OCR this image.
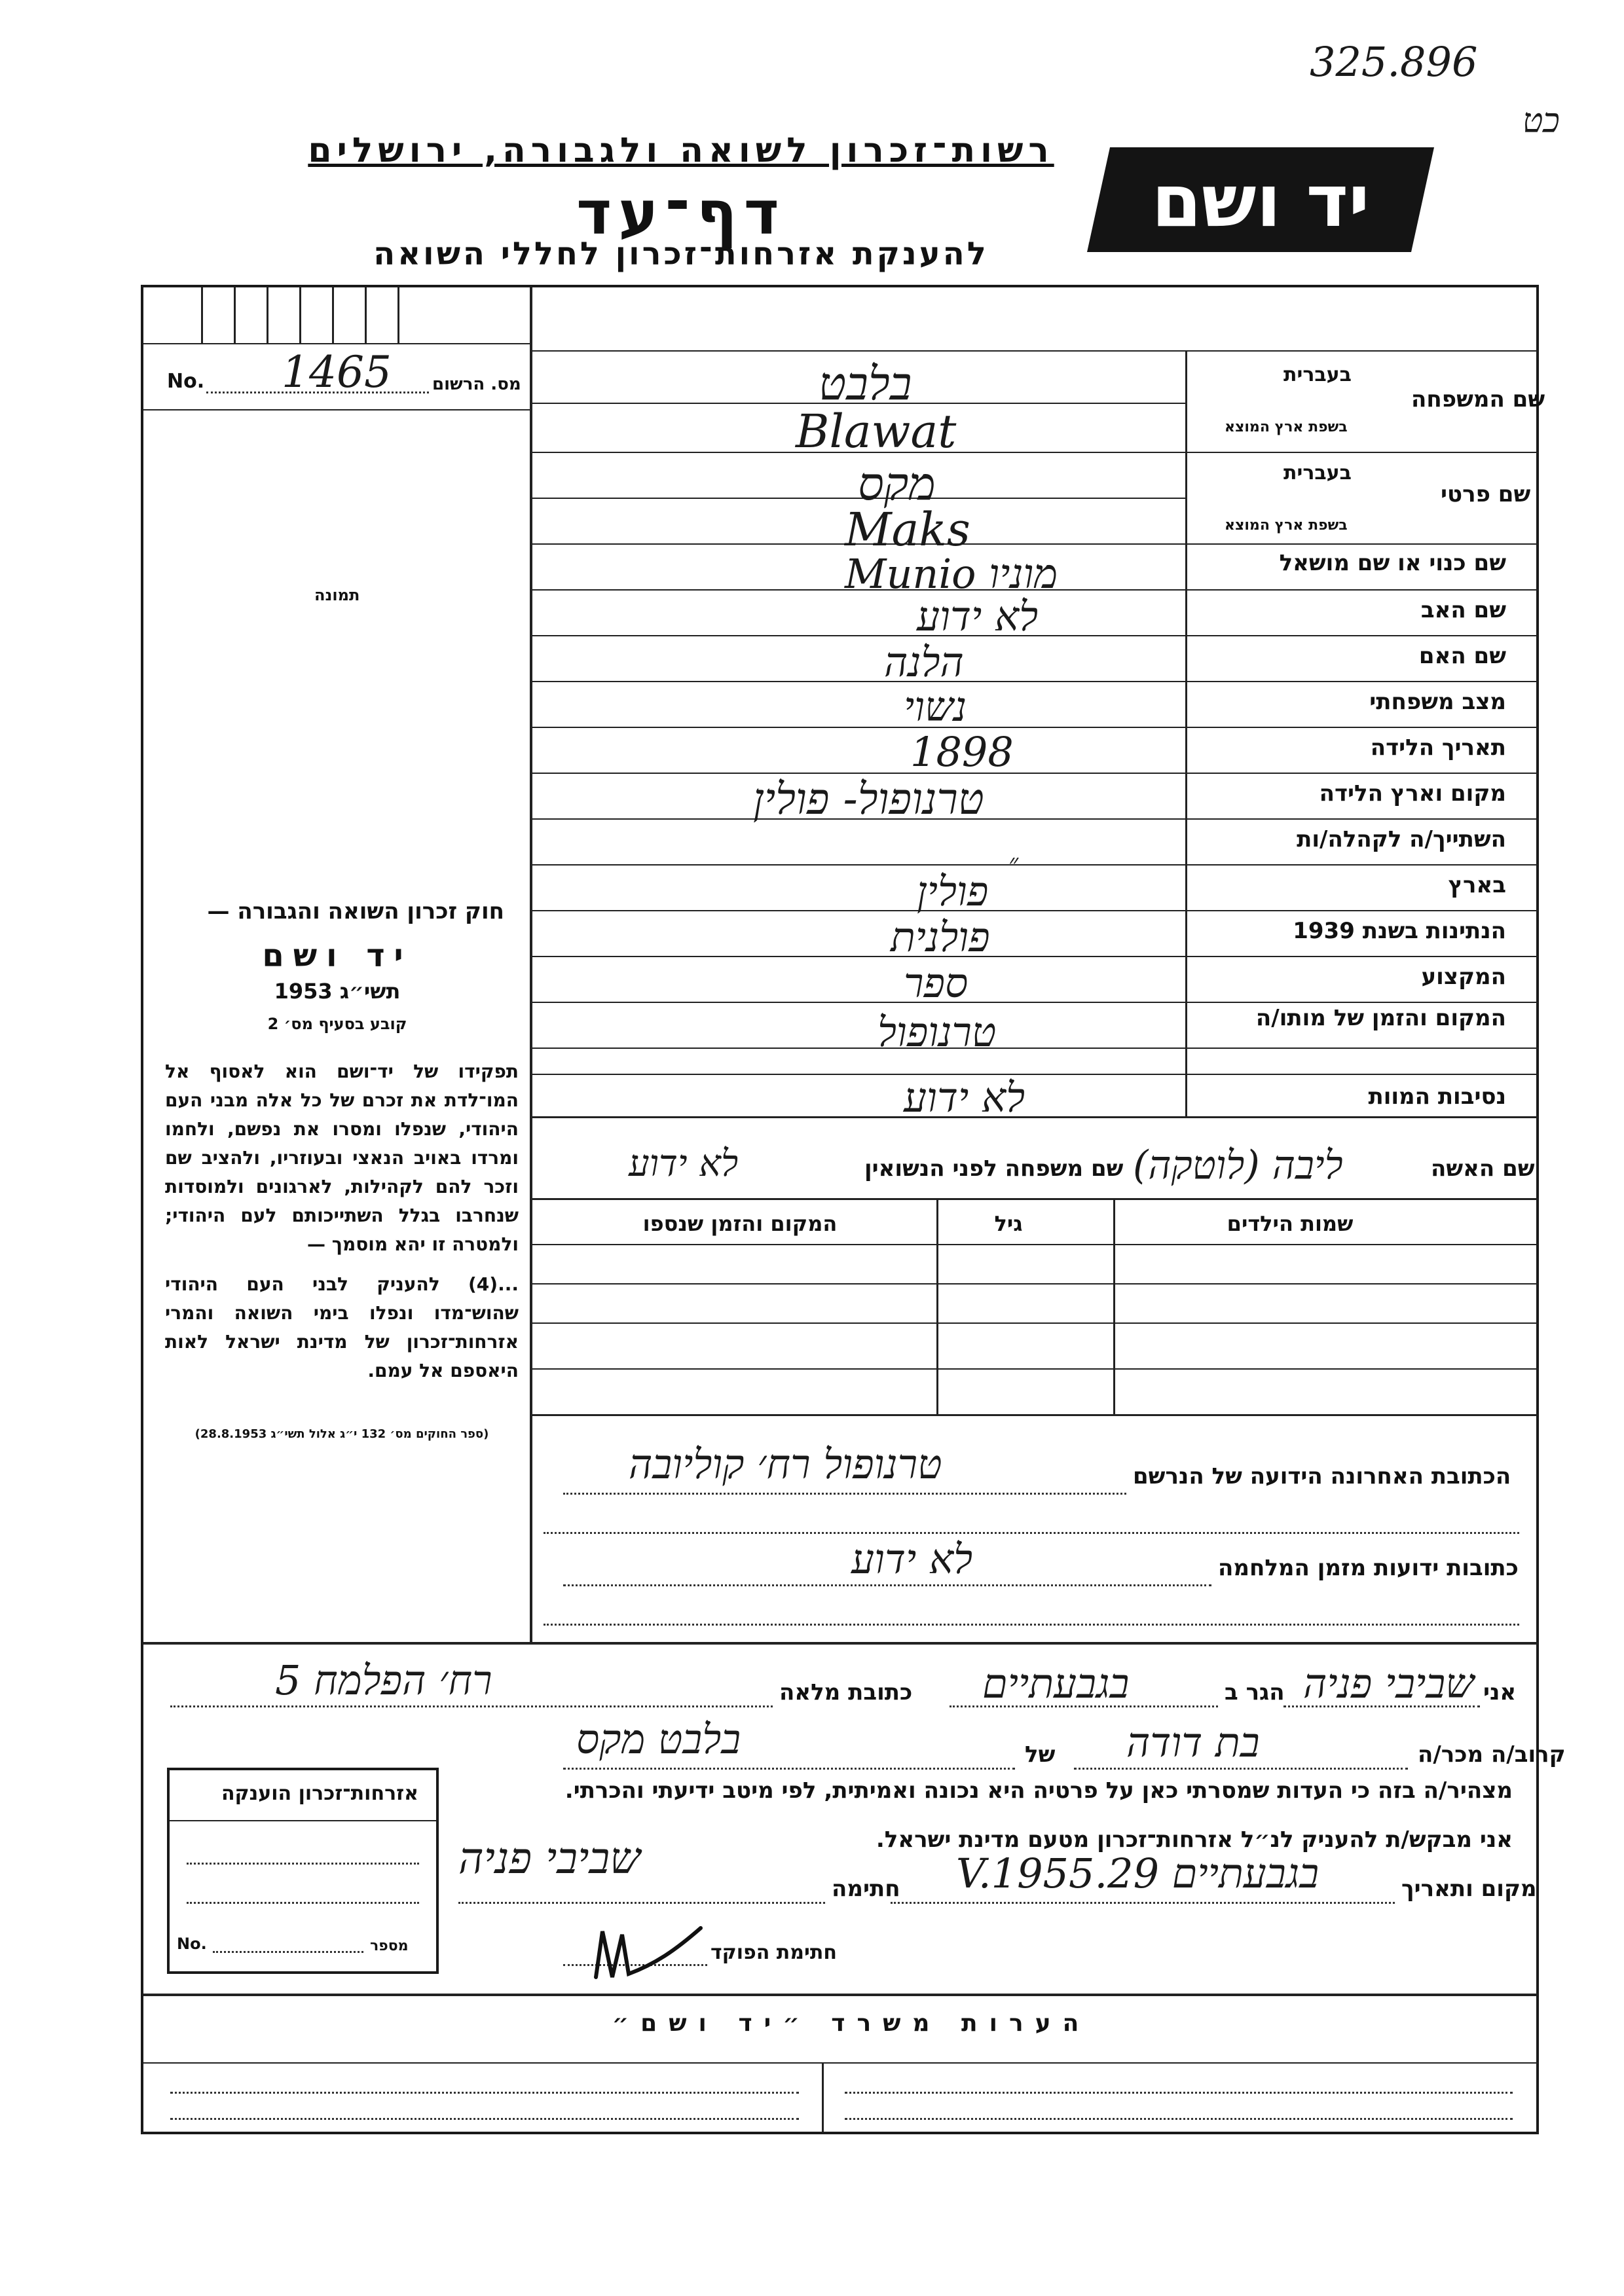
325.896
כט
רשות־זכרון לשואה ולגבורה, ירושלים
דף־עד
להענקת אזרחות־זכרון לחללי השואה
יד ושם
No. 1465 מס. הרשום
תמונה
חוק זכרון השואה והגבורה —
יד ושם
תשי״ג 1953
קובע בסעיף מס׳ 2
תפקידו של יד־ושם הוא לאסוף אל המו־לדת את זכרם של כל אלה מבני העם היהודי, שנפלו ומסרו את נפשם, ולחמו ומרדו באויב הנאצי ובעוזריו, ולהציב שם וזכר להם לקהילות, לארגונים ולמוסדות שנחרבו בגלל השתייכותם לעם היהודי; ולמטרה זו יהא מוסמך —
...(4) להעניק לבני העם היהודי שהוש־מדו ונפלו בימי השואה והמרי אזרחות־זכרון של מדינת ישראל לאות היאספם אל עמם.
(ספר החוקים מס׳ 132 י״ג אלול תשי״ג 28.8.1953)
שם המשפחה
בעברית
בשפת ארץ המוצא
בלבט
Blawat
שם פרטי
בעברית
בשפת ארץ המוצא
מקס
Maks
שם כנוי או שם מושאל
Munio מוניו
שם האב
לא ידוע
שם האם
הלנה
מצב משפחתי
נשוי
תאריך הלידה
1898
מקום וארץ הלידה
טרנופול- פולין
השתייך/ה לקהלה/ות
״
בארץ
פולין
הנתינות בשנת 1939
פולנית
המקצוע
ספר
המקום והזמן של מותו/ה
טרנופול
נסיבות המוות
לא ידוע
שם האשה
ליבה (לוטקה)
שם משפחה לפני הנשואין
לא ידוע
שמות הילדים
גיל
המקום והזמן שנספו
הכתובת האחרונה הידועה של הנרשם
טרנופול רח׳ קוליובה
כתובות ידועות מזמן המלחמה
לא ידוע
אני
שביבי פניה
הגר ב
בגבעתיים
כתובת מלאה
רח׳ הפלמח 5
קרוב/ה מכר/ה
בת דודה
של
בלבט מקס
מצהיר/ה בזה כי העדות שמסרתי כאן על פרטיה היא נכונה ואמיתית, לפי מיטב ידיעתי והכרתי.
אני מבקש/ת להעניק לנ״ל אזרחות־זכרון מטעם מדינת ישראל.
מקום ותאריך
בגבעתיים 29.V.1955
חתימה
שביבי פניה
חתימת הפוקד
אזרחות־זכרון הוענקה
No.	מספר
הערות משרד ״יד ושם״
